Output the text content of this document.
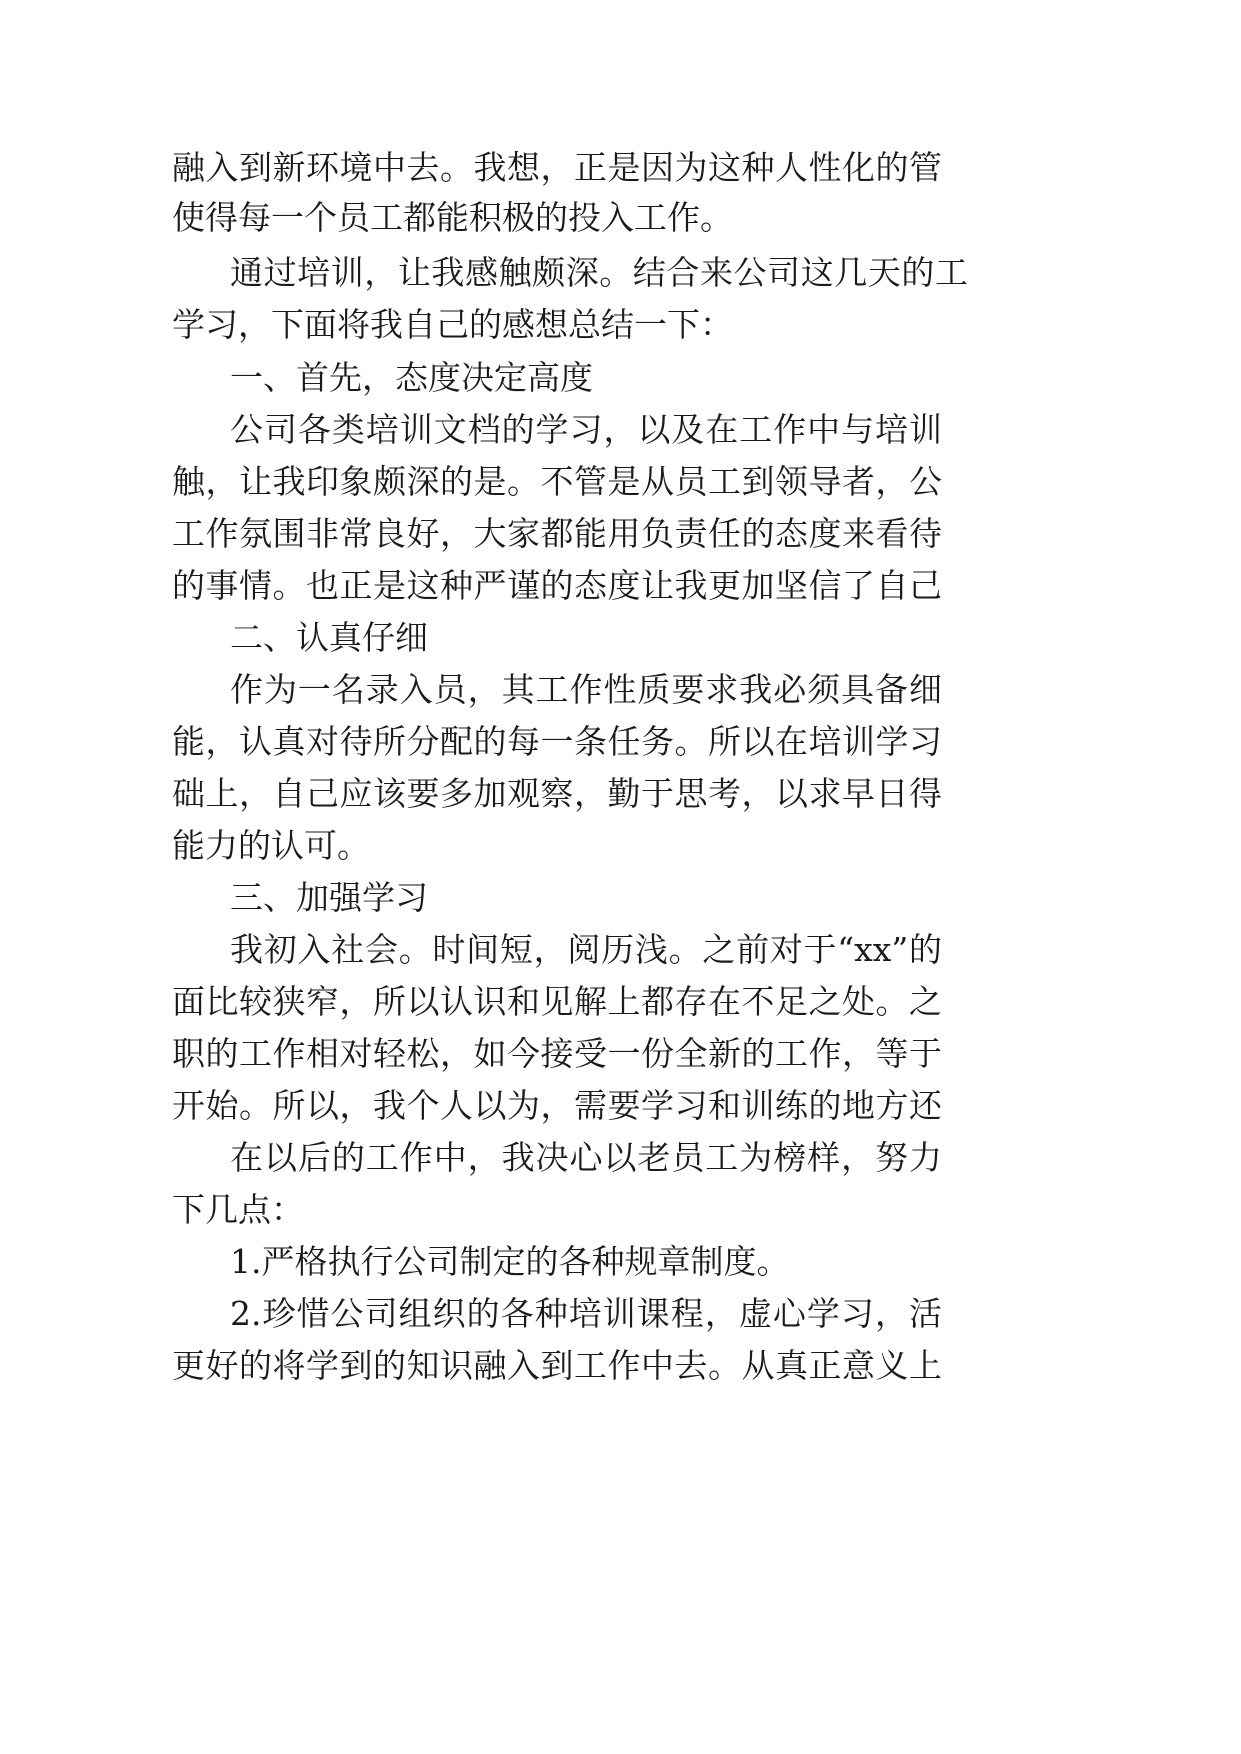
融入到新环境中去。我想，正是因为这种人性化的管
使得每一个员工都能积极的投入工作。
通过培训，让我感触颇深。结合来公司这几天的工
学习，下面将我自己的感想总结一下：
一、首先，态度决定高度
公司各类培训文档的学习，以及在工作中与培训
触，让我印象颇深的是。不管是从员工到领导者，公
工作氛围非常良好，大家都能用负责任的态度来看待
的事情。也正是这种严谨的态度让我更加坚信了自己
二、认真仔细
作为一名录入员，其工作性质要求我必须具备细
能，认真对待所分配的每一条任务。所以在培训学习
础上，自己应该要多加观察，勤于思考，以求早日得
能力的认可。
三、加强学习
我初入社会。时间短，阅历浅。之前对于“xx”的
面比较狭窄，所以认识和见解上都存在不足之处。之
职的工作相对轻松，如今接受一份全新的工作，等于
开始。所以，我个人以为，需要学习和训练的地方还
在以后的工作中，我决心以老员工为榜样，努力
下几点：
1.严格执行公司制定的各种规章制度。
2.珍惜公司组织的各种培训课程，虚心学习，活
更好的将学到的知识融入到工作中去。从真正意义上
